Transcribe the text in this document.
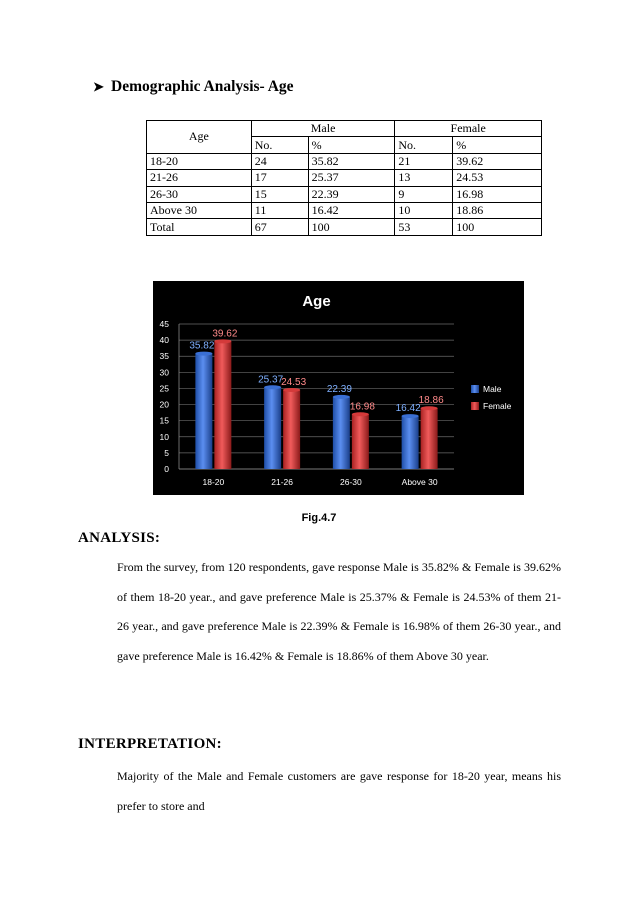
➤ Demographic Analysis- Age
Age	Male		Female	
	No.	%	No.	%
18-20	24	35.82	21	39.62
21-26	17	25.37	13	24.53
26-30	15	22.39	9	16.98
Above 30	11	16.42	10	18.86
Total	67	100	53	100
Age
0
5
10
15
20
25
30
35
40
45
18-20
35.82
39.62
21-26
25.37
24.53
26-30
22.39
16.98
Above 30
16.42
18.86
Male
Female
Fig.4.7
ANALYSIS:
From the survey, from 120 respondents, gave response Male is 35.82% & Female is 39.62% of them 18-20 year., and gave preference Male is 25.37% & Female is 24.53% of them 21-26 year., and gave preference Male is 22.39% & Female is 16.98% of them 26-30 year., and gave preference Male is 16.42% & Female is 18.86% of them Above 30 year.
INTERPRETATION:
Majority of the Male and Female customers are gave response for 18-20 year, means his prefer to store and
